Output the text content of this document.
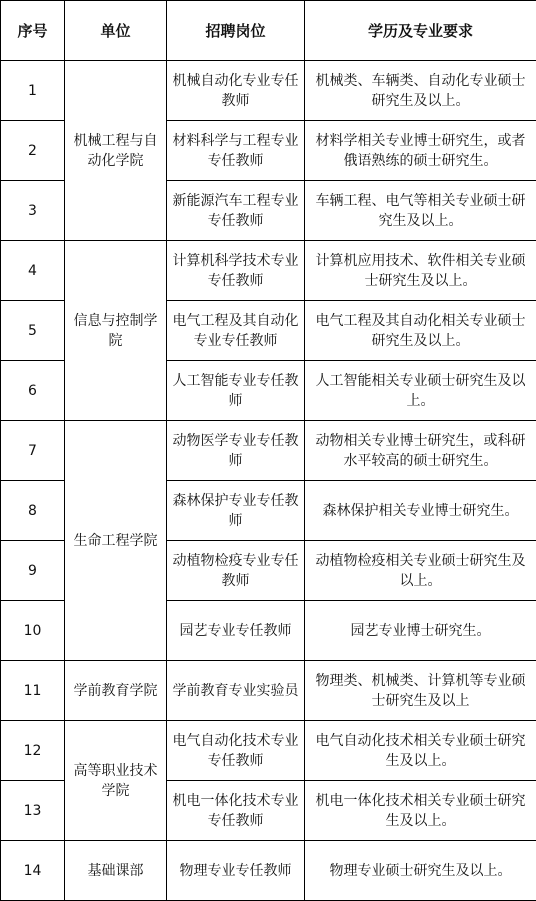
序号	单位	招聘岗位	学历及专业要求
1	机械工程与自动化学院	机械自动化专业专任教师	机械类、车辆类、自动化专业硕士研究生及以上。
2		材料科学与工程专业专任教师	材料学相关专业博士研究生，或者俄语熟练的硕士研究生。
3		新能源汽车工程专业专任教师	车辆工程、电气等相关专业硕士研究生及以上。
4	信息与控制学院	计算机科学技术专业专任教师	计算机应用技术、软件相关专业硕士研究生及以上。
5		电气工程及其自动化专业专任教师	电气工程及其自动化相关专业硕士研究生及以上。
6		人工智能专业专任教师	人工智能相关专业硕士研究生及以上。
7	生命工程学院	动物医学专业专任教师	动物相关专业博士研究生，或科研水平较高的硕士研究生。
8		森林保护专业专任教师	森林保护相关专业博士研究生。
9		动植物检疫专业专任教师	动植物检疫相关专业硕士研究生及以上。
10		园艺专业专任教师	园艺专业博士研究生。
11	学前教育学院	学前教育专业实验员	物理类、机械类、计算机等专业硕士研究生及以上
12	高等职业技术学院	电气自动化技术专业专任教师	电气自动化技术相关专业硕士研究生及以上。
13		机电一体化技术专业专任教师	机电一体化技术相关专业硕士研究生及以上。
14	基础课部	物理专业专任教师	物理专业硕士研究生及以上。
